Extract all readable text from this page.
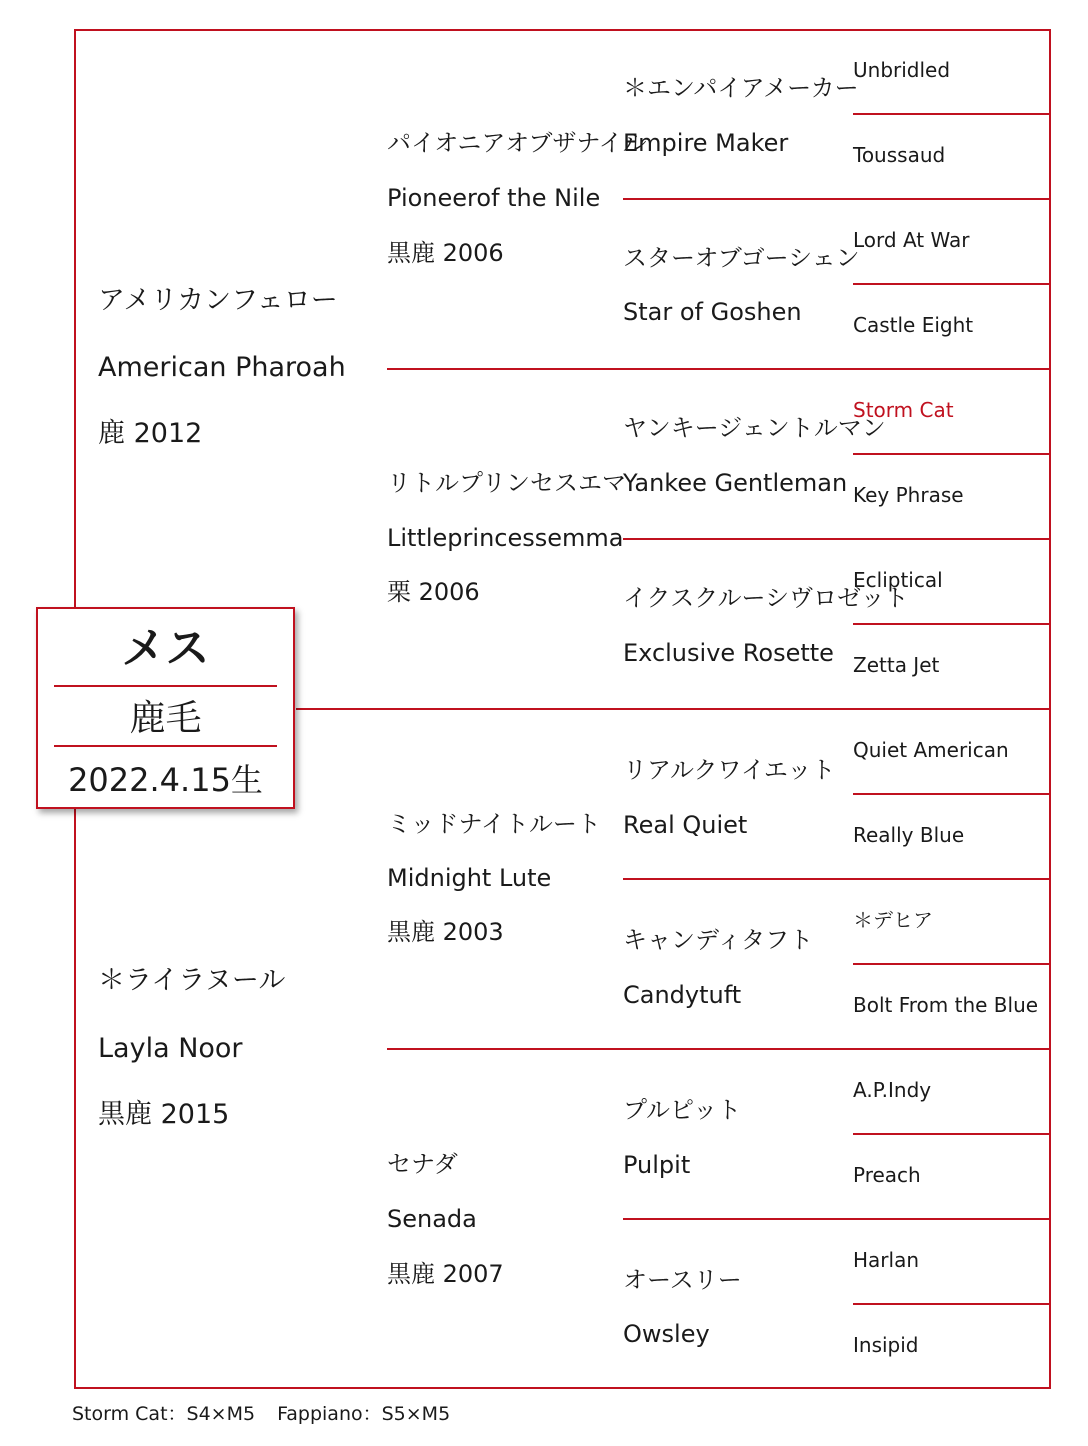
アメリカンフェロー
American Pharoah
鹿 2012
＊ライラヌール
Layla Noor
黒鹿 2015
パイオニアオブザナイル
Pioneerof the Nile
黒鹿 2006
リトルプリンセスエマ
Littleprincessemma
栗 2006
ミッドナイトルート
Midnight Lute
黒鹿 2003
セナダ
Senada
黒鹿 2007
＊エンパイアメーカー
Empire Maker
スターオブゴーシェン
Star of Goshen
ヤンキージェントルマン
Yankee Gentleman
イクスクルーシヴロゼット
Exclusive Rosette
リアルクワイエット
Real Quiet
キャンディタフト
Candytuft
プルピット
Pulpit
オースリー
Owsley
Unbridled
Toussaud
Lord At War
Castle Eight
Storm Cat
Key Phrase
Ecliptical
Zetta Jet
Quiet American
Really Blue
＊デヒア
Bolt From the Blue
A.P.Indy
Preach
Harlan
Insipid
メス
鹿毛
2022.4.15生
Storm Cat：S4×M5 Fappiano：S5×M5
